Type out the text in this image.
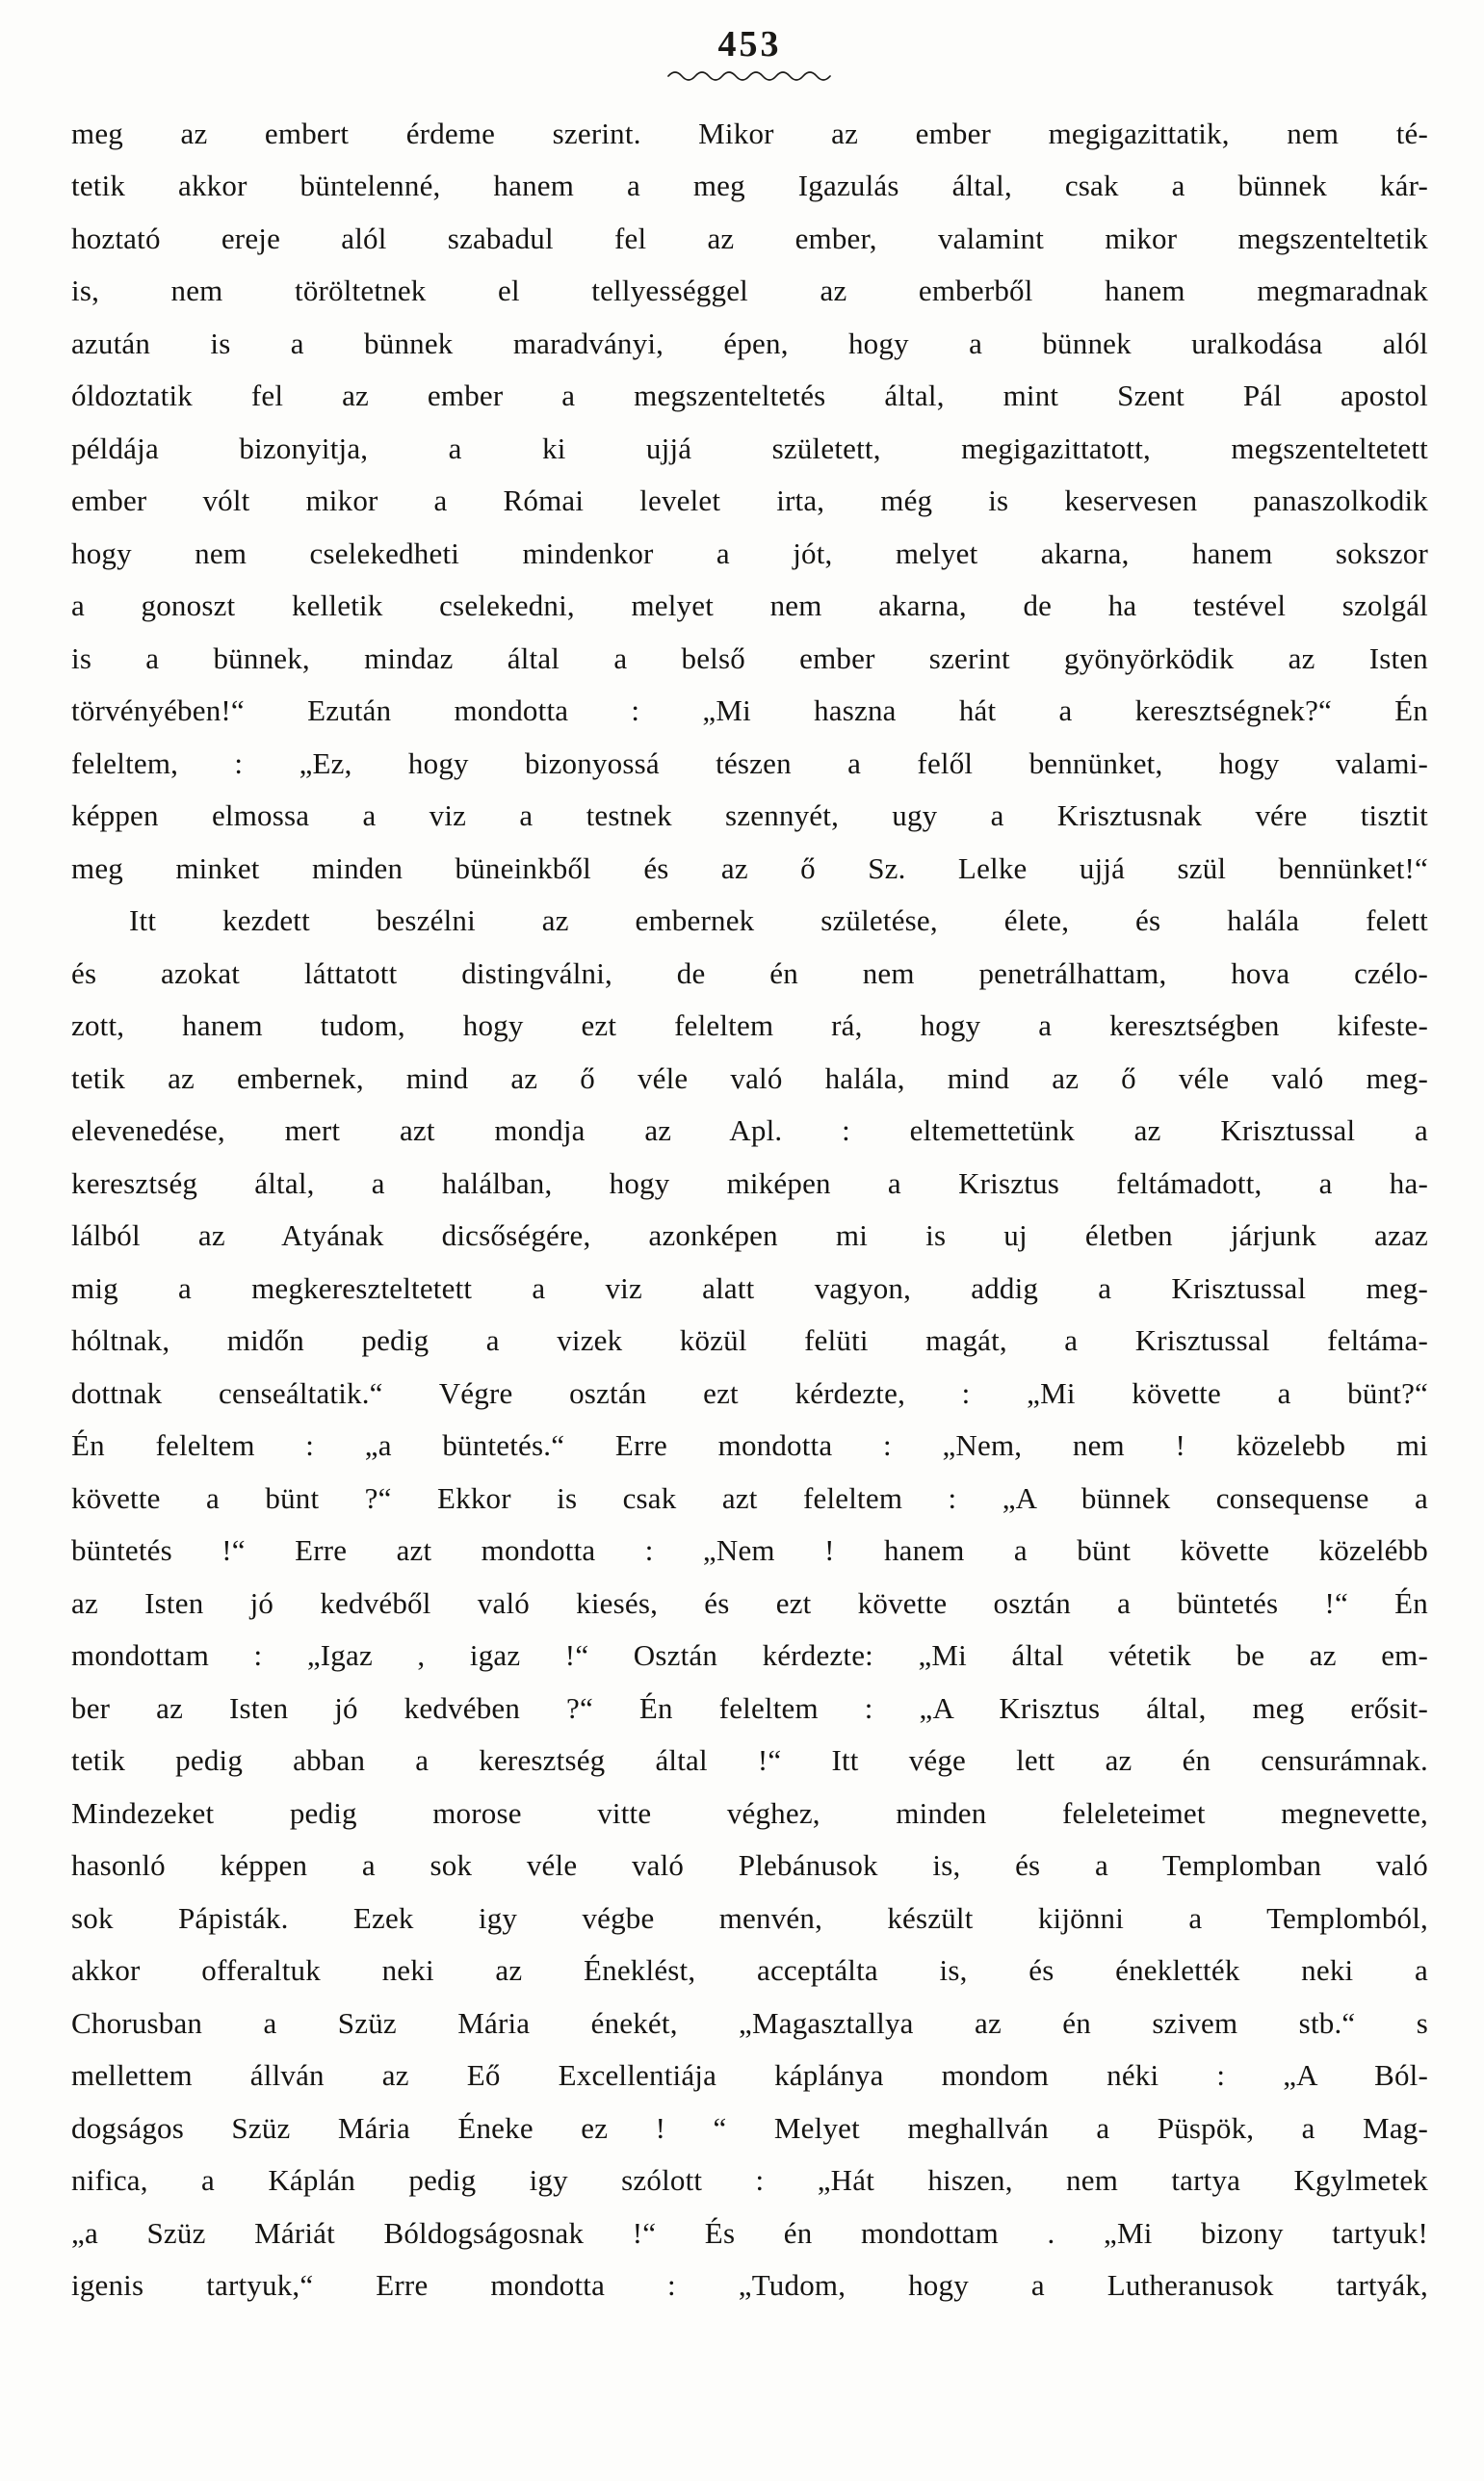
453
meg az embert érdeme szerint. Mikor az ember megigazittatik, nem té-
tetik akkor büntelenné, hanem a meg Igazulás által, csak a bünnek kár-
hoztató ereje alól szabadul fel az ember, valamint mikor megszenteltetik
is, nem töröltetnek el tellyességgel az emberből hanem megmaradnak
azután is a bünnek maradványi, épen, hogy a bünnek uralkodása alól
óldoztatik fel az ember a megszenteltetés által, mint Szent Pál apostol
példája bizonyitja, a ki ujjá született, megigazittatott, megszenteltetett
ember vólt mikor a Római levelet irta, még is keservesen panaszolkodik
hogy nem cselekedheti mindenkor a jót, melyet akarna, hanem sokszor
a gonoszt kelletik cselekedni, melyet nem akarna, de ha testével szolgál
is a bünnek, mindaz által a belső ember szerint gyönyörködik az Isten
törvényében!“ Ezután mondotta : „Mi haszna hát a keresztségnek?“ Én
feleltem, : „Ez, hogy bizonyossá tészen a felől bennünket, hogy valami-
képpen elmossa a viz a testnek szennyét, ugy a Krisztusnak vére tisztit
meg minket minden büneinkből és az ő Sz. Lelke ujjá szül bennünket!“
Itt kezdett beszélni az embernek születése, élete, és halála felett
és azokat láttatott distingválni, de én nem penetrálhattam, hova czélo-
zott, hanem tudom, hogy ezt feleltem rá, hogy a keresztségben kifeste-
tetik az embernek, mind az ő véle való halála, mind az ő véle való meg-
elevenedése, mert azt mondja az Apl. : eltemettetünk az Krisztussal a
keresztség által, a halálban, hogy miképen a Krisztus feltámadott, a ha-
lálból az Atyának dicsőségére, azonképen mi is uj életben járjunk azaz
mig a megkereszteltetett a viz alatt vagyon, addig a Krisztussal meg-
hóltnak, midőn pedig a vizek közül felüti magát, a Krisztussal feltáma-
dottnak censeáltatik.“ Végre osztán ezt kérdezte, : „Mi követte a bünt?“
Én feleltem : „a büntetés.“ Erre mondotta : „Nem, nem ! közelebb mi
követte a bünt ?“ Ekkor is csak azt feleltem : „A bünnek consequense a
büntetés !“ Erre azt mondotta : „Nem ! hanem a bünt követte közelébb
az Isten jó kedvéből való kiesés, és ezt követte osztán a büntetés !“ Én
mondottam : „Igaz , igaz !“ Osztán kérdezte: „Mi által vétetik be az em-
ber az Isten jó kedvében ?“ Én feleltem : „A Krisztus által, meg erősit-
tetik pedig abban a keresztség által !“ Itt vége lett az én censurámnak.
Mindezeket pedig morose vitte véghez, minden feleleteimet megnevette,
hasonló képpen a sok véle való Plebánusok is, és a Templomban való
sok Pápisták. Ezek igy végbe menvén, készült kijönni a Templomból,
akkor offeraltuk neki az Éneklést, acceptálta is, és éneklették neki a
Chorusban a Szüz Mária énekét, „Magasztallya az én szivem stb.“ s
mellettem állván az Eő Excellentiája káplánya mondom néki : „A Ból-
dogságos Szüz Mária Éneke ez ! “ Melyet meghallván a Püspök, a Mag-
nifica, a Káplán pedig igy szólott : „Hát hiszen, nem tartya Kgylmetek
„a Szüz Máriát Bóldogságosnak !“ És én mondottam . „Mi bizony tartyuk!
igenis tartyuk,“ Erre mondotta : „Tudom, hogy a Lutheranusok tartyák,
